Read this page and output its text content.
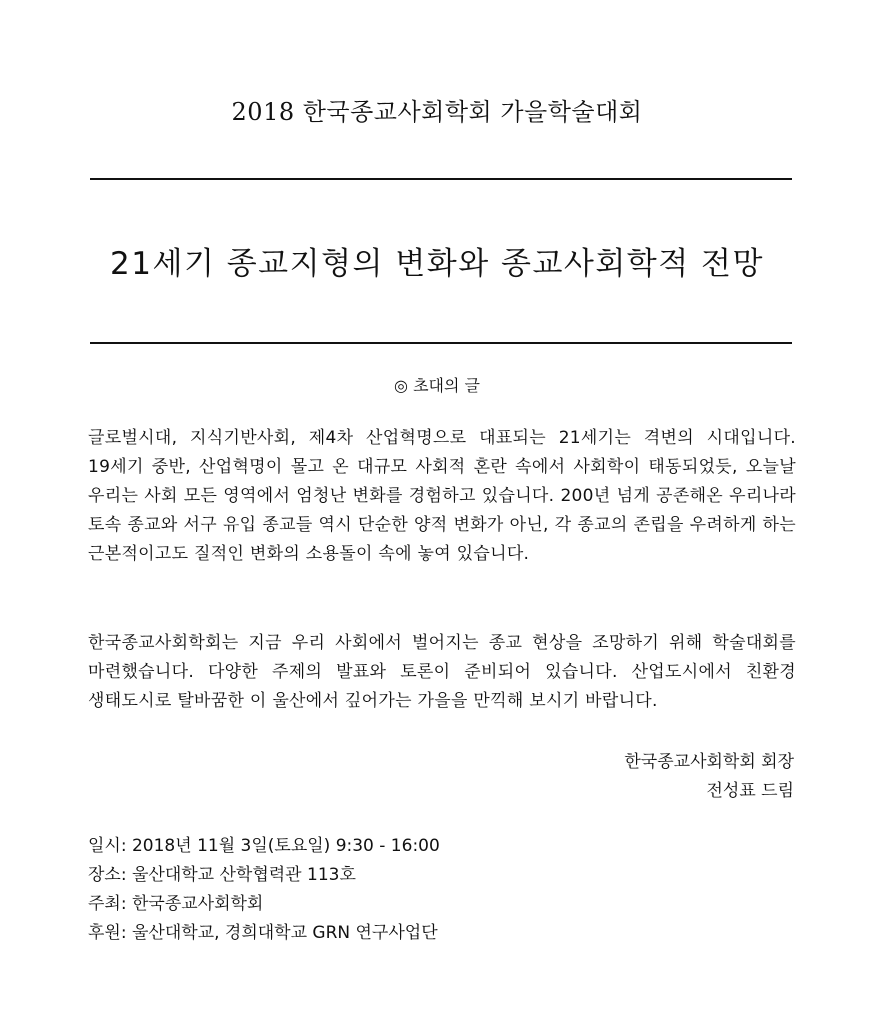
2018 한국종교사회학회 가을학술대회
21세기 종교지형의 변화와 종교사회학적 전망
◎ 초대의 글
글로벌시대, 지식기반사회, 제4차 산업혁명으로 대표되는 21세기는 격변의 시대입니다. 19세기 중반, 산업혁명이 몰고 온 대규모 사회적 혼란 속에서 사회학이 태동되었듯, 오늘날 우리는 사회 모든 영역에서 엄청난 변화를 경험하고 있습니다. 200년 넘게 공존해온 우리나라 토속 종교와 서구 유입 종교들 역시 단순한 양적 변화가 아닌, 각 종교의 존립을 우려하게 하는 근본적이고도 질적인 변화의 소용돌이 속에 놓여 있습니다.
한국종교사회학회는 지금 우리 사회에서 벌어지는 종교 현상을 조망하기 위해 학술대회를 마련했습니다. 다양한 주제의 발표와 토론이 준비되어 있습니다. 산업도시에서 친환경 생태도시로 탈바꿈한 이 울산에서 깊어가는 가을을 만끽해 보시기 바랍니다.
한국종교사회학회 회장
전성표 드림
일시: 2018년 11월 3일(토요일) 9:30 - 16:00
장소: 울산대학교 산학협력관 113호
주최: 한국종교사회학회
후원: 울산대학교, 경희대학교 GRN 연구사업단
